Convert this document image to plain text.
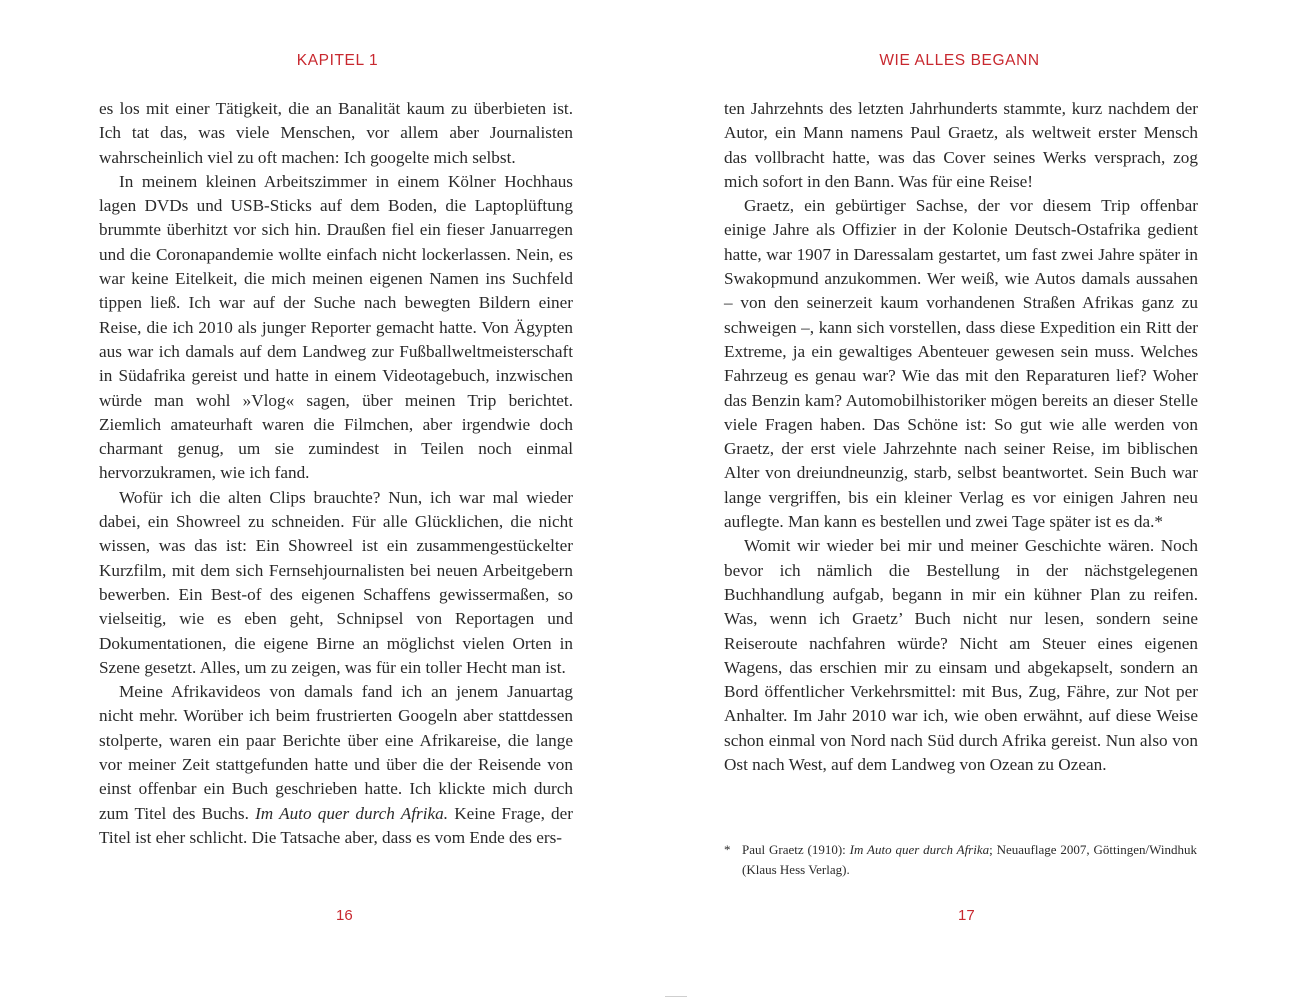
KAPITEL 1

es los mit einer Tätigkeit, die an Banalität kaum zu überbieten ist. Ich tat das, was viele Menschen, vor allem aber Journalisten wahrscheinlich viel zu oft machen: Ich googelte mich selbst.

In meinem kleinen Arbeitszimmer in einem Kölner Hochhaus lagen DVDs und USB-Sticks auf dem Boden, die Laptoplüftung brummte überhitzt vor sich hin. Draußen fiel ein fieser Januarregen und die Coronapandemie wollte einfach nicht lockerlassen. Nein, es war keine Eitelkeit, die mich meinen eigenen Namen ins Suchfeld tippen ließ. Ich war auf der Suche nach bewegten Bildern einer Reise, die ich 2010 als junger Reporter gemacht hatte. Von Ägypten aus war ich damals auf dem Landweg zur Fußballweltmeisterschaft in Südafrika gereist und hatte in einem Videotagebuch, inzwischen würde man wohl »Vlog« sagen, über meinen Trip berichtet. Ziemlich amateurhaft waren die Filmchen, aber irgendwie doch charmant genug, um sie zumindest in Teilen noch einmal hervorzukramen, wie ich fand.

Wofür ich die alten Clips brauchte? Nun, ich war mal wieder dabei, ein Showreel zu schneiden. Für alle Glücklichen, die nicht wissen, was das ist: Ein Showreel ist ein zusammengestückelter Kurzfilm, mit dem sich Fernsehjournalisten bei neuen Arbeitgebern bewerben. Ein Best-of des eigenen Schaffens gewissermaßen, so vielseitig, wie es eben geht, Schnipsel von Reportagen und Dokumentationen, die eigene Birne an möglichst vielen Orten in Szene gesetzt. Alles, um zu zeigen, was für ein toller Hecht man ist.

Meine Afrikavideos von damals fand ich an jenem Januartag nicht mehr. Worüber ich beim frustrierten Googeln aber stattdessen stolperte, waren ein paar Berichte über eine Afrikareise, die lange vor meiner Zeit stattgefunden hatte und über die der Reisende von einst offenbar ein Buch geschrieben hatte. Ich klickte mich durch zum Titel des Buchs. Im Auto quer durch Afrika. Keine Frage, der Titel ist eher schlicht. Die Tatsache aber, dass es vom Ende des ers-

16
WIE ALLES BEGANN

ten Jahrzehnts des letzten Jahrhunderts stammte, kurz nachdem der Autor, ein Mann namens Paul Graetz, als weltweit erster Mensch das vollbracht hatte, was das Cover seines Werks versprach, zog mich sofort in den Bann. Was für eine Reise!

Graetz, ein gebürtiger Sachse, der vor diesem Trip offenbar einige Jahre als Offizier in der Kolonie Deutsch-Ostafrika gedient hatte, war 1907 in Daressalam gestartet, um fast zwei Jahre später in Swakopmund anzukommen. Wer weiß, wie Autos damals aussahen – von den seinerzeit kaum vorhandenen Straßen Afrikas ganz zu schweigen –, kann sich vorstellen, dass diese Expedition ein Ritt der Extreme, ja ein gewaltiges Abenteuer gewesen sein muss. Welches Fahrzeug es genau war? Wie das mit den Reparaturen lief? Woher das Benzin kam? Automobilhistoriker mögen bereits an dieser Stelle viele Fragen haben. Das Schöne ist: So gut wie alle werden von Graetz, der erst viele Jahrzehnte nach seiner Reise, im biblischen Alter von dreiundneunzig, starb, selbst beantwortet. Sein Buch war lange vergriffen, bis ein kleiner Verlag es vor einigen Jahren neu auflegte. Man kann es bestellen und zwei Tage später ist es da.*

Womit wir wieder bei mir und meiner Geschichte wären. Noch bevor ich nämlich die Bestellung in der nächstgelegenen Buchhandlung aufgab, begann in mir ein kühner Plan zu reifen. Was, wenn ich Graetz’ Buch nicht nur lesen, sondern seine Reiseroute nachfahren würde? Nicht am Steuer eines eigenen Wagens, das erschien mir zu einsam und abgekapselt, sondern an Bord öffentlicher Verkehrsmittel: mit Bus, Zug, Fähre, zur Not per Anhalter. Im Jahr 2010 war ich, wie oben erwähnt, auf diese Weise schon einmal von Nord nach Süd durch Afrika gereist. Nun also von Ost nach West, auf dem Landweg von Ozean zu Ozean.

* Paul Graetz (1910): Im Auto quer durch Afrika; Neuauflage 2007, Göttingen/Windhuk (Klaus Hess Verlag).
17
